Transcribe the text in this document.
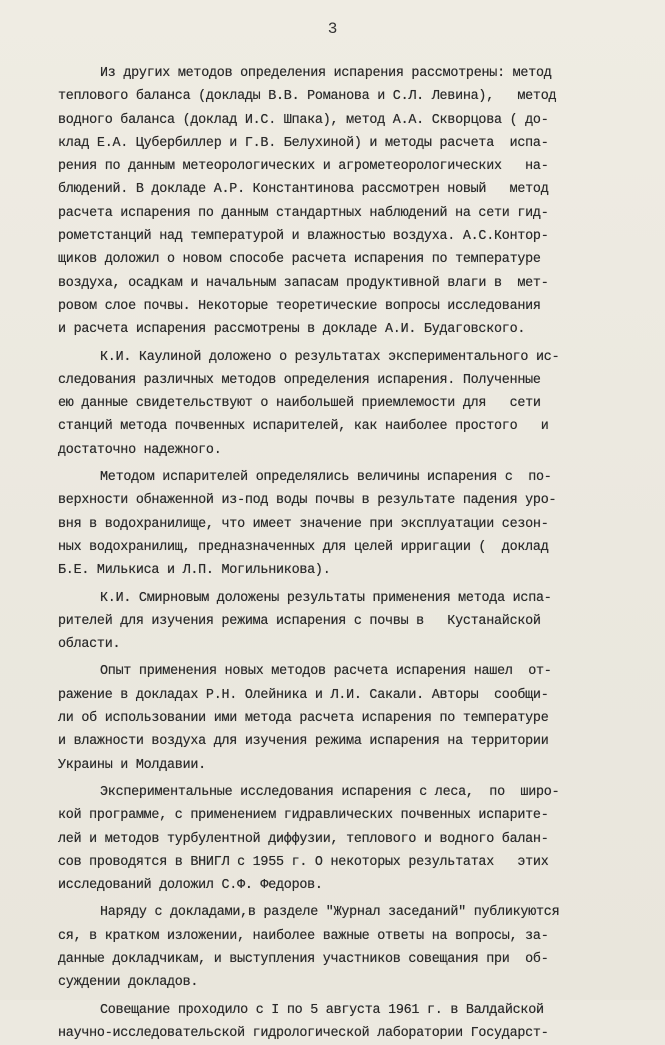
3
Из других методов определения испарения рассмотрены: метод
теплового баланса (доклады В.В. Романова и С.Л. Левина),   метод
водного баланса (доклад И.С. Шпака), метод А.А. Скворцова ( до-
клад Е.А. Цубербиллер и Г.В. Белухиной) и методы расчета  испа-
рения по данным метеорологических и агрометеорологических   на-
блюдений. В докладе А.Р. Константинова рассмотрен новый   метод
расчета испарения по данным стандартных наблюдений на сети гид-
рометстанций над температурой и влажностью воздуха. А.С.Контор-
щиков доложил о новом способе расчета испарения по температуре
воздуха, осадкам и начальным запасам продуктивной влаги в  мет-
ровом слое почвы. Некоторые теоретические вопросы исследования
и расчета испарения рассмотрены в докладе А.И. Будаговского.
К.И. Каулиной доложено о результатах экспериментального ис-
следования различных методов определения испарения. Полученные
ею данные свидетельствуют о наибольшей приемлемости для   сети
станций метода почвенных испарителей, как наиболее простого   и
достаточно надежного.
Методом испарителей определялись величины испарения с  по-
верхности обнаженной из-под воды почвы в результате падения уро-
вня в водохранилище, что имеет значение при эксплуатации сезон-
ных водохранилищ, предназначенных для целей ирригации (  доклад
Б.Е. Милькиса и Л.П. Могильникова).
К.И. Смирновым доложены результаты применения метода испа-
рителей для изучения режима испарения с почвы в   Кустанайской
области.
Опыт применения новых методов расчета испарения нашел  от-
ражение в докладах Р.Н. Олейника и Л.И. Сакали. Авторы  сообщи-
ли об использовании ими метода расчета испарения по температуре
и влажности воздуха для изучения режима испарения на территории
Украины и Молдавии.
Экспериментальные исследования испарения с леса,  по  широ-
кой программе, с применением гидравлических почвенных испарите-
лей и методов турбулентной диффузии, теплового и водного балан-
сов проводятся в ВНИГЛ с 1955 г. О некоторых результатах   этих
исследований доложил С.Ф. Федоров.
Наряду с докладами,в разделе "Журнал заседаний" публикуются
ся, в кратком изложении, наиболее важные ответы на вопросы, за-
данные докладчикам, и выступления участников совещания при  об-
суждении докладов.
Совещание проходило с I по 5 августа 1961 г. в Валдайской
научно-исследовательской гидрологической лаборатории Государст-
